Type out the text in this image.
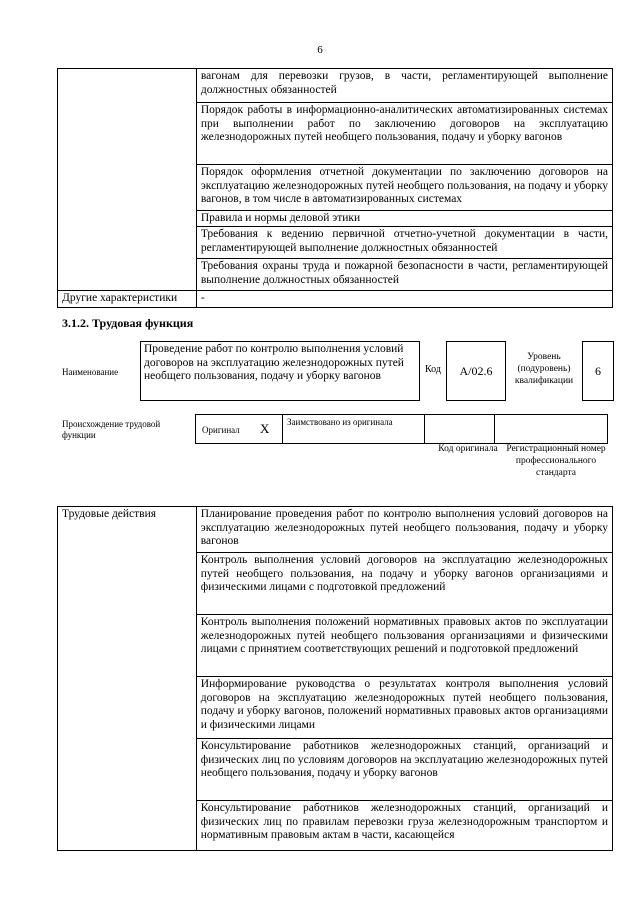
6
	вагонам для перевозки грузов, в части, регламентирующей выполнение должностных обязанностей
	Порядок работы в информационно-аналитических автоматизированных системах при выполнении работ по заключению договоров на эксплуатацию железнодорожных путей необщего пользования, подачу и уборку вагонов
	Порядок оформления отчетной документации по заключению договоров на эксплуатацию железнодорожных путей необщего пользования, на подачу и уборку вагонов, в том числе в автоматизированных системах
	Правила и нормы деловой этики
	Требования к ведению первичной отчетно-учетной документации в части, регламентирующей выполнение должностных обязанностей
	Требования охраны труда и пожарной безопасности в части, регламентирующей выполнение должностных обязанностей
Другие характеристики	-
3.1.2. Трудовая функция
Наименование
Проведение работ по контролю выполнения условий договоров на эксплуатацию железнодорожных путей необщего пользования, подачу и уборку вагонов
Код	A/02.6
Уровень (подуровень) квалификации
6
Происхождение трудовой функции	Оригинал	X	Заимствовано из оригинала

Код оригинала Регистрационный номер профессионального стандарта
Трудовые действия	Планирование проведения работ по контролю выполнения условий договоров на эксплуатацию железнодорожных путей необщего пользования, подачу и уборку вагонов
Контроль выполнения условий договоров на эксплуатацию железнодорожных путей необщего пользования, на подачу и уборку вагонов организациями и физическими лицами с подготовкой предложений
Контроль выполнения положений нормативных правовых актов по эксплуатации железнодорожных путей необщего пользования организациями и физическими лицами с принятием соответствующих решений и подготовкой предложений
Информирование руководства о результатах контроля выполнения условий договоров на эксплуатацию железнодорожных путей необщего пользования, подачу и уборку вагонов, положений нормативных правовых актов организациями и физическими лицами
Консультирование работников железнодорожных станций, организаций и физических лиц по условиям договоров на эксплуатацию железнодорожных путей необщего пользования, подачу и уборку вагонов
Консультирование работников железнодорожных станций, организаций и физических лиц по правилам перевозки груза железнодорожным транспортом и нормативным правовым актам в части, касающейся
